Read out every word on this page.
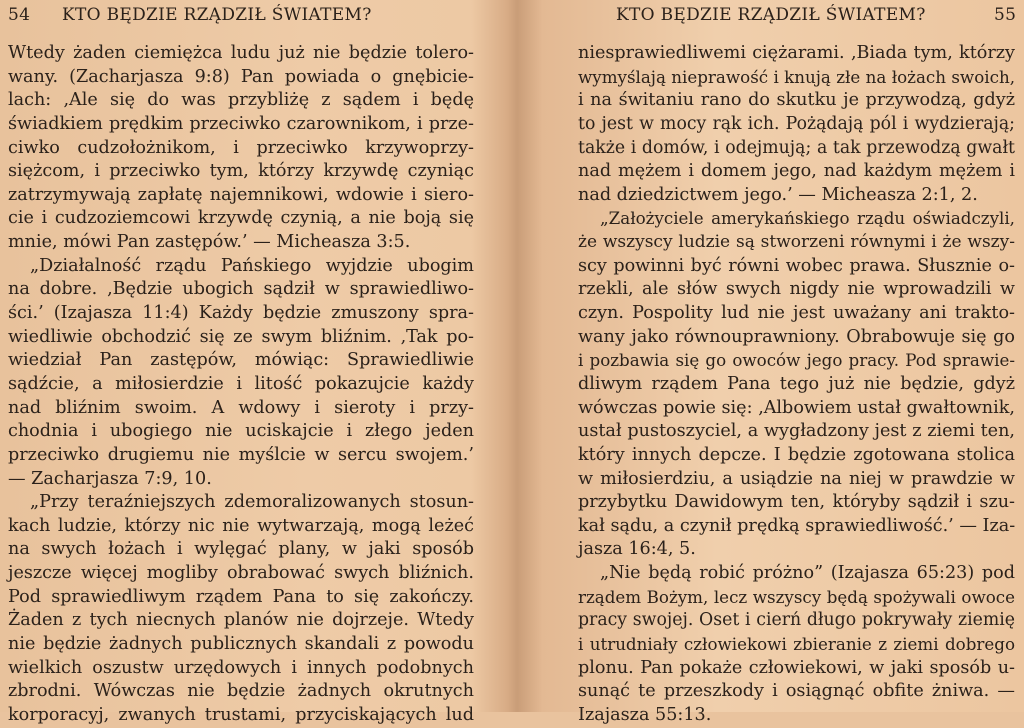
54 KTO BĘDZIE RZĄDZIŁ ŚWIATEM?
Wtedy żaden ciemiężca ludu już nie będzie tolero-
wany. (Zacharjasza 9:8) Pan powiada o gnębicie-
lach: ‚Ale się do was przybliżę z sądem i będę
świadkiem prędkim przeciwko czarownikom, i prze-
ciwko cudzołożnikom, i przeciwko krzywoprzy-
siężcom, i przeciwko tym, którzy krzywdę czyniąc
zatrzymywają zapłatę najemnikowi, wdowie i siero-
cie i cudzoziemcowi krzywdę czynią, a nie boją się
mnie, mówi Pan zastępów.’ — Micheasza 3:5.
„Działalność rządu Pańskiego wyjdzie ubogim
na dobre. ‚Będzie ubogich sądził w sprawiedliwo-
ści.’ (Izajasza 11:4) Każdy będzie zmuszony spra-
wiedliwie obchodzić się ze swym bliźnim. ‚Tak po-
wiedział Pan zastępów, mówiąc: Sprawiedliwie
sądźcie, a miłosierdzie i litość pokazujcie każdy
nad bliźnim swoim. A wdowy i sieroty i przy-
chodnia i ubogiego nie uciskajcie i złego jeden
przeciwko drugiemu nie myślcie w sercu swojem.’
— Zacharjasza 7:9, 10.
„Przy teraźniejszych zdemoralizowanych stosun-
kach ludzie, którzy nic nie wytwarzają, mogą leżeć
na swych łożach i wylęgać plany, w jaki sposób
jeszcze więcej mogliby obrabować swych bliźnich.
Pod sprawiedliwym rządem Pana to się zakończy.
Żaden z tych niecnych planów nie dojrzeje. Wtedy
nie będzie żadnych publicznych skandali z powodu
wielkich oszustw urzędowych i innych podobnych
zbrodni. Wówczas nie będzie żadnych okrutnych
korporacyj, zwanych trustami, przyciskających lud
KTO BĘDZIE RZĄDZIŁ ŚWIATEM?	55
niesprawiedliwemi ciężarami. ‚Biada tym, którzy
wymyślają nieprawość i knują złe na łożach swoich,
i na świtaniu rano do skutku je przywodzą, gdyż
to jest w mocy rąk ich. Pożądają pól i wydzierają;
także i domów, i odejmują; a tak przewodzą gwałt
nad mężem i domem jego, nad każdym mężem i
nad dziedzictwem jego.’ — Micheasza 2:1, 2.
„Założyciele amerykańskiego rządu oświadczyli,
że wszyscy ludzie są stworzeni równymi i że wszy-
scy powinni być równi wobec prawa. Słusznie o-
rzekli, ale słów swych nigdy nie wprowadzili w
czyn. Pospolity lud nie jest uważany ani trakto-
wany jako równouprawniony. Obrabowuje się go
i pozbawia się go owoców jego pracy. Pod sprawie-
dliwym rządem Pana tego już nie będzie, gdyż
wówczas powie się: ‚Albowiem ustał gwałtownik,
ustał pustoszyciel, a wygładzony jest z ziemi ten,
który innych depcze. I będzie zgotowana stolica
w miłosierdziu, a usiądzie na niej w prawdzie w
przybytku Dawidowym ten, któryby sądził i szu-
kał sądu, a czynił prędką sprawiedliwość.’ — Iza-
jasza 16:4, 5.
„Nie będą robić próżno” (Izajasza 65:23) pod
rządem Bożym, lecz wszyscy będą spożywali owoce
pracy swojej. Oset i cierń długo pokrywały ziemię
i utrudniały człowiekowi zbieranie z ziemi dobrego
plonu. Pan pokaże człowiekowi, w jaki sposób u-
sunąć te przeszkody i osiągnąć obfite żniwa. —
Izajasza 55:13.
